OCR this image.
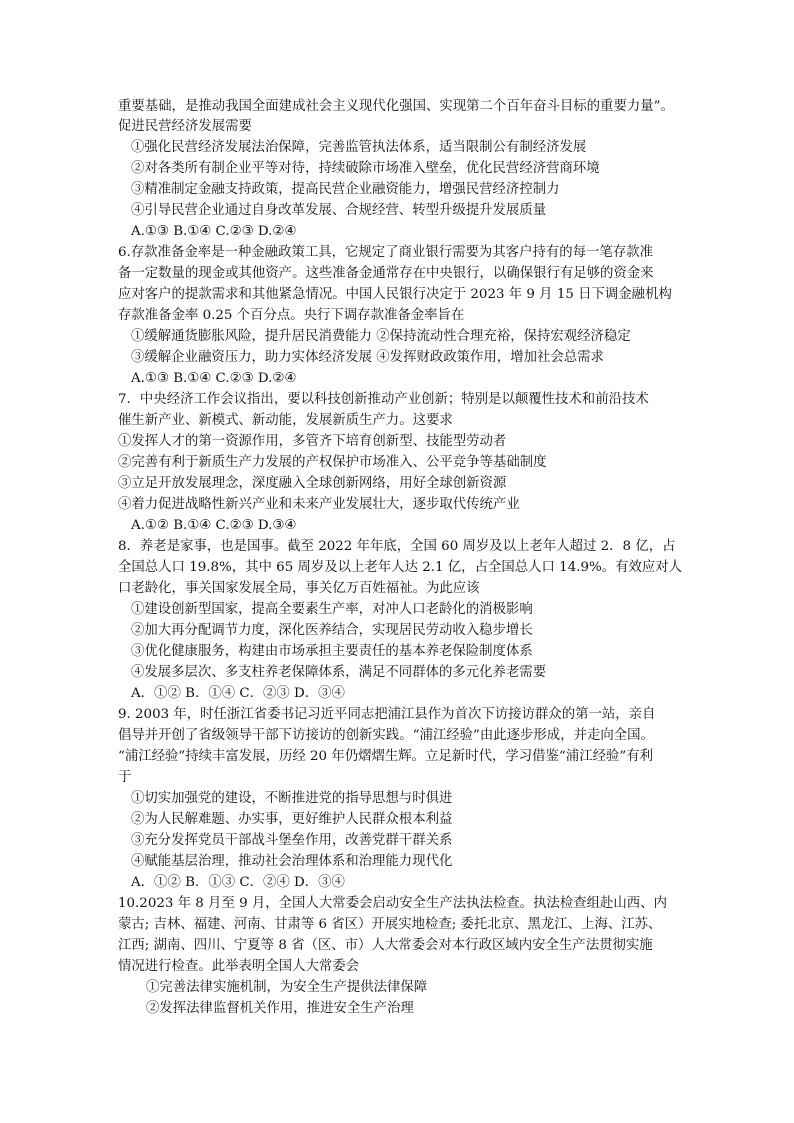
重要基础，是推动我国全面建成社会主义现代化强国、实现第二个百年奋斗目标的重要力量”。
促进民营经济发展需要
①强化民营经济发展法治保障，完善监管执法体系，适当限制公有制经济发展
②对各类所有制企业平等对待，持续破除市场准入壁垒，优化民营经济营商环境
③精准制定金融支持政策，提高民营企业融资能力，增强民营经济控制力
④引导民营企业通过自身改革发展、合规经营、转型升级提升发展质量
A.①③ B.①④ C.②③ D.②④
6.存款准备金率是一种金融政策工具，它规定了商业银行需要为其客户持有的每一笔存款准
备一定数量的现金或其他资产。这些准备金通常存在中央银行，以确保银行有足够的资金来
应对客户的提款需求和其他紧急情况。中国人民银行决定于 2023 年 9 月 15 日下调金融机构
存款准备金率 0.25 个百分点。央行下调存款准备金率旨在
①缓解通货膨胀风险，提升居民消费能力 ②保持流动性合理充裕，保持宏观经济稳定
③缓解企业融资压力，助力实体经济发展 ④发挥财政政策作用，增加社会总需求
A.①③ B.①④ C.②③ D.②④
7．中央经济工作会议指出，要以科技创新推动产业创新；特别是以颠覆性技术和前沿技术
催生新产业、新模式、新动能，发展新质生产力。这要求
①发挥人才的第一资源作用，多管齐下培育创新型、技能型劳动者
②完善有利于新质生产力发展的产权保护市场准入、公平竞争等基础制度
③立足开放发展理念，深度融入全球创新网络，用好全球创新资源
④着力促进战略性新兴产业和未来产业发展壮大，逐步取代传统产业
A.①② B.①④ C.②③ D.③④
8．养老是家事，也是国事。截至 2022 年年底，全国 60 周岁及以上老年人超过 2．8 亿，占
全国总人口 19.8%，其中 65 周岁及以上老年人达 2.1 亿，占全国总人口 14.9%。有效应对人
口老龄化，事关国家发展全局，事关亿万百姓福祉。为此应该
①建设创新型国家，提高全要素生产率，对冲人口老龄化的消极影响
②加大再分配调节力度，深化医养结合，实现居民劳动收入稳步增长
③优化健康服务，构建由市场承担主要责任的基本养老保险制度体系
④发展多层次、多支柱养老保障体系，满足不同群体的多元化养老需要
A．①② B．①④ C．②③ D．③④
9. 2003 年，时任浙江省委书记习近平同志把浦江县作为首次下访接访群众的第一站，亲自
倡导并开创了省级领导干部下访接访的创新实践。“浦江经验”由此逐步形成，并走向全国。
“浦江经验”持续丰富发展，历经 20 年仍熠熠生辉。立足新时代，学习借鉴“浦江经验”有利
于
①切实加强党的建设，不断推进党的指导思想与时俱进
②为人民解难题、办实事，更好维护人民群众根本利益
③充分发挥党员干部战斗堡垒作用，改善党群干群关系
④赋能基层治理，推动社会治理体系和治理能力现代化
A．①② B．①③ C．②④ D．③④
10.2023 年 8 月至 9 月，全国人大常委会启动安全生产法执法检查。执法检查组赴山西、内
蒙古; 吉林、福建、河南、甘肃等 6 省区）开展实地检查; 委托北京、黑龙江、上海、江苏、
江西; 湖南、四川、宁夏等 8 省（区、市）人大常委会对本行政区域内安全生产法贯彻实施
情况进行检查。此举表明全国人大常委会
①完善法律实施机制，为安全生产提供法律保障
②发挥法律监督机关作用，推进安全生产治理
